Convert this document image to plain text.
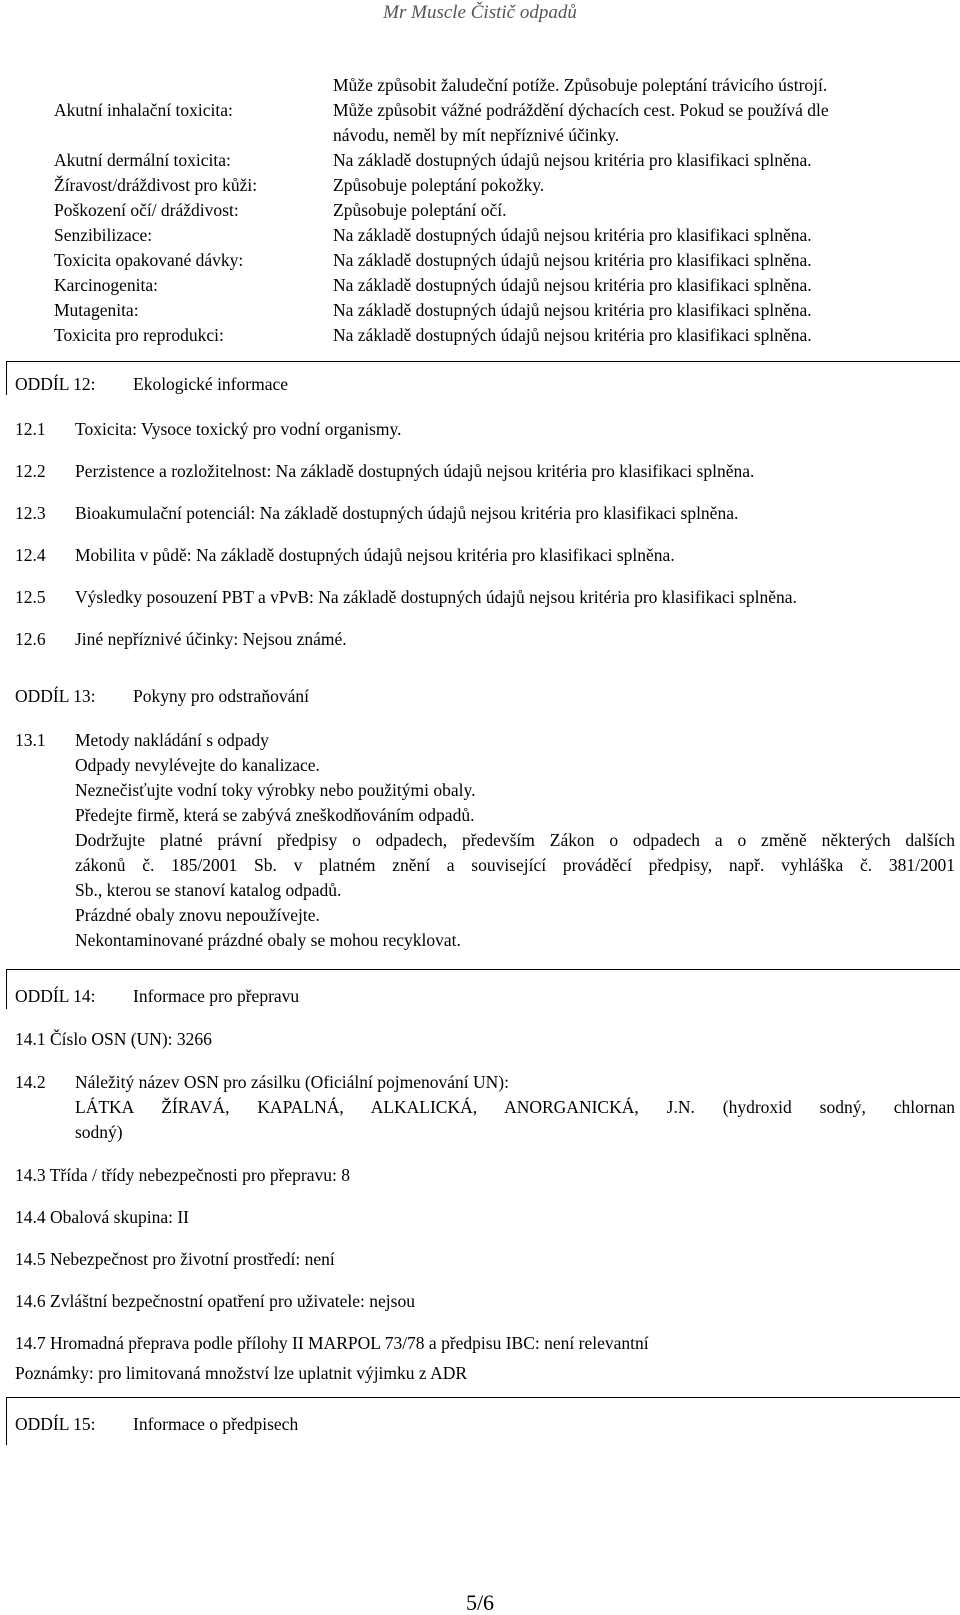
Mr Muscle Čistič odpadů
Může způsobit žaludeční potíže. Způsobuje poleptání trávicího ústrojí.
Akutní inhalační toxicita:	Může způsobit vážné podráždění dýchacích cest. Pokud se používá dle
návodu, neměl by mít nepříznivé účinky.
Akutní dermální toxicita:	Na základě dostupných údajů nejsou kritéria pro klasifikaci splněna.
Žíravost/dráždivost pro kůži:	Způsobuje poleptání pokožky.
Poškození očí/ dráždivost:	Způsobuje poleptání očí.
Senzibilizace:	Na základě dostupných údajů nejsou kritéria pro klasifikaci splněna.
Toxicita opakované dávky:	Na základě dostupných údajů nejsou kritéria pro klasifikaci splněna.
Karcinogenita:	Na základě dostupných údajů nejsou kritéria pro klasifikaci splněna.
Mutagenita:	Na základě dostupných údajů nejsou kritéria pro klasifikaci splněna.
Toxicita pro reprodukci:	Na základě dostupných údajů nejsou kritéria pro klasifikaci splněna.
ODDÍL 12: Ekologické informace
12.1 Toxicita: Vysoce toxický pro vodní organismy.
12.2 Perzistence a rozložitelnost: Na základě dostupných údajů nejsou kritéria pro klasifikaci splněna.
12.3 Bioakumulační potenciál: Na základě dostupných údajů nejsou kritéria pro klasifikaci splněna.
12.4 Mobilita v půdě: Na základě dostupných údajů nejsou kritéria pro klasifikaci splněna.
12.5 Výsledky posouzení PBT a vPvB: Na základě dostupných údajů nejsou kritéria pro klasifikaci splněna.
12.6 Jiné nepříznivé účinky: Nejsou známé.
ODDÍL 13: Pokyny pro odstraňování
13.1 Metody nakládání s odpady
Odpady nevylévejte do kanalizace.
Neznečisťujte vodní toky výrobky nebo použitými obaly.
Předejte firmě, která se zabývá zneškodňováním odpadů.
Dodržujte platné právní předpisy o odpadech, především Zákon o odpadech a o změně některých dalších
zákonů č. 185/2001 Sb. v platném znění a související prováděcí předpisy, např. vyhláška č. 381/2001
Sb., kterou se stanoví katalog odpadů.
Prázdné obaly znovu nepoužívejte.
Nekontaminované prázdné obaly se mohou recyklovat.
ODDÍL 14: Informace pro přepravu
14.1 Číslo OSN (UN): 3266
14.2 Náležitý název OSN pro zásilku (Oficiální pojmenování UN):
LÁTKA ŽÍRAVÁ, KAPALNÁ, ALKALICKÁ, ANORGANICKÁ, J.N. (hydroxid sodný, chlornan
sodný)
14.3 Třída / třídy nebezpečnosti pro přepravu: 8
14.4 Obalová skupina: II
14.5 Nebezpečnost pro životní prostředí: není
14.6 Zvláštní bezpečnostní opatření pro uživatele: nejsou
14.7 Hromadná přeprava podle přílohy II MARPOL 73/78 a předpisu IBC: není relevantní
Poznámky: pro limitovaná množství lze uplatnit výjimku z ADR
ODDÍL 15: Informace o předpisech
5/6
